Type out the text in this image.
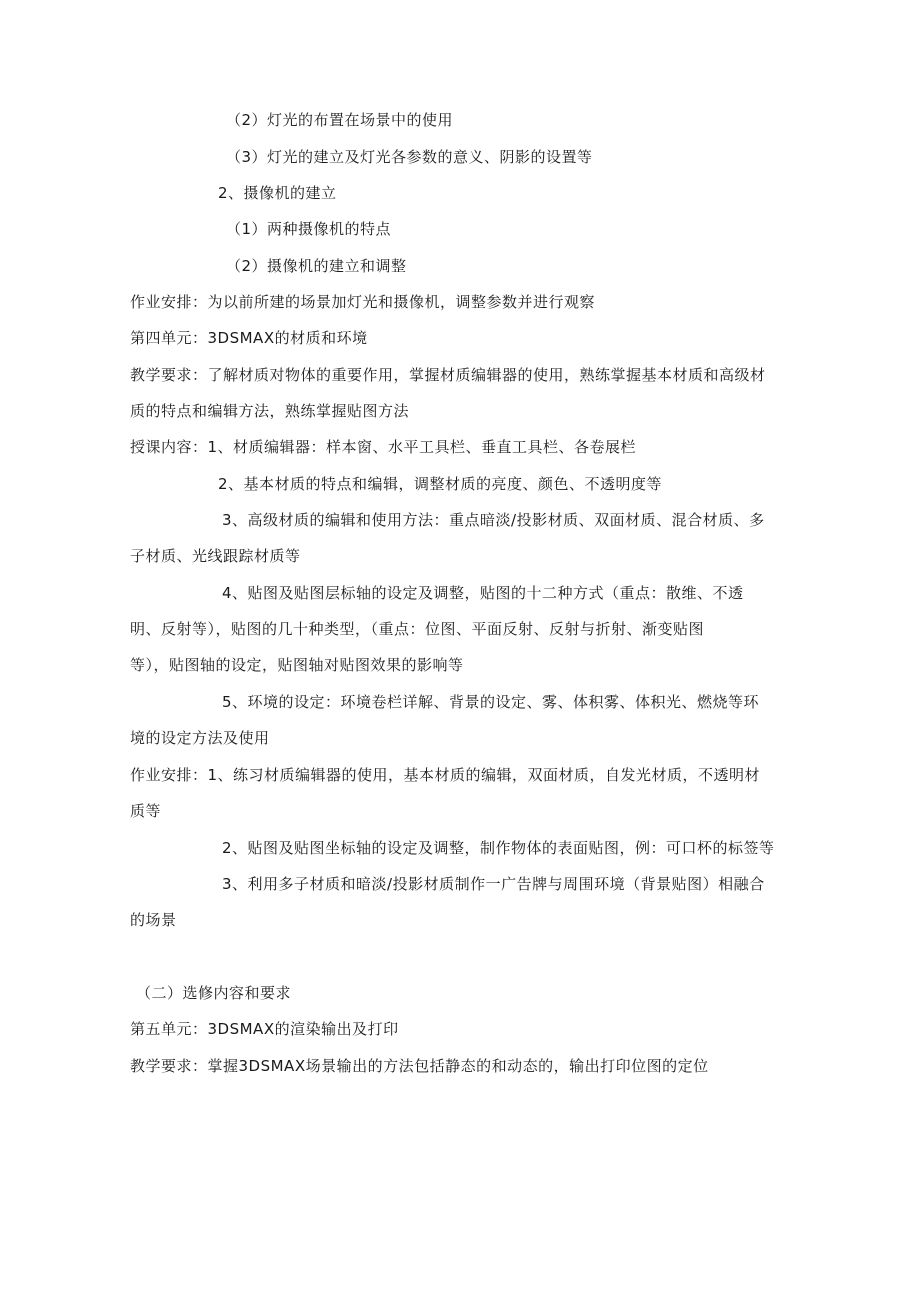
（2）灯光的布置在场景中的使用
（3）灯光的建立及灯光各参数的意义、阴影的设置等
2、摄像机的建立
（1）两种摄像机的特点
（2）摄像机的建立和调整
作业安排：为以前所建的场景加灯光和摄像机，调整参数并进行观察
第四单元：3DSMAX的材质和环境
教学要求：了解材质对物体的重要作用，掌握材质编辑器的使用，熟练掌握基本材质和高级材
质的特点和编辑方法，熟练掌握贴图方法
授课内容：1、材质编辑器：样本窗、水平工具栏、垂直工具栏、各卷展栏
2、基本材质的特点和编辑，调整材质的亮度、颜色、不透明度等
3、高级材质的编辑和使用方法：重点暗淡/投影材质、双面材质、混合材质、多
子材质、光线跟踪材质等
4、贴图及贴图层标轴的设定及调整，贴图的十二种方式（重点：散维、不透
明、反射等），贴图的几十种类型，（重点：位图、平面反射、反射与折射、渐变贴图
等），贴图轴的设定，贴图轴对贴图效果的影响等
5、环境的设定：环境卷栏详解、背景的设定、雾、体积雾、体积光、燃烧等环
境的设定方法及使用
作业安排：1、练习材质编辑器的使用，基本材质的编辑，双面材质，自发光材质，不透明材
质等
2、贴图及贴图坐标轴的设定及调整，制作物体的表面贴图，例：可口杯的标签等
3、利用多子材质和暗淡/投影材质制作一广告牌与周围环境（背景贴图）相融合
的场景
（二）选修内容和要求
第五单元：3DSMAX的渲染输出及打印
教学要求：掌握3DSMAX场景输出的方法包括静态的和动态的，输出打印位图的定位
